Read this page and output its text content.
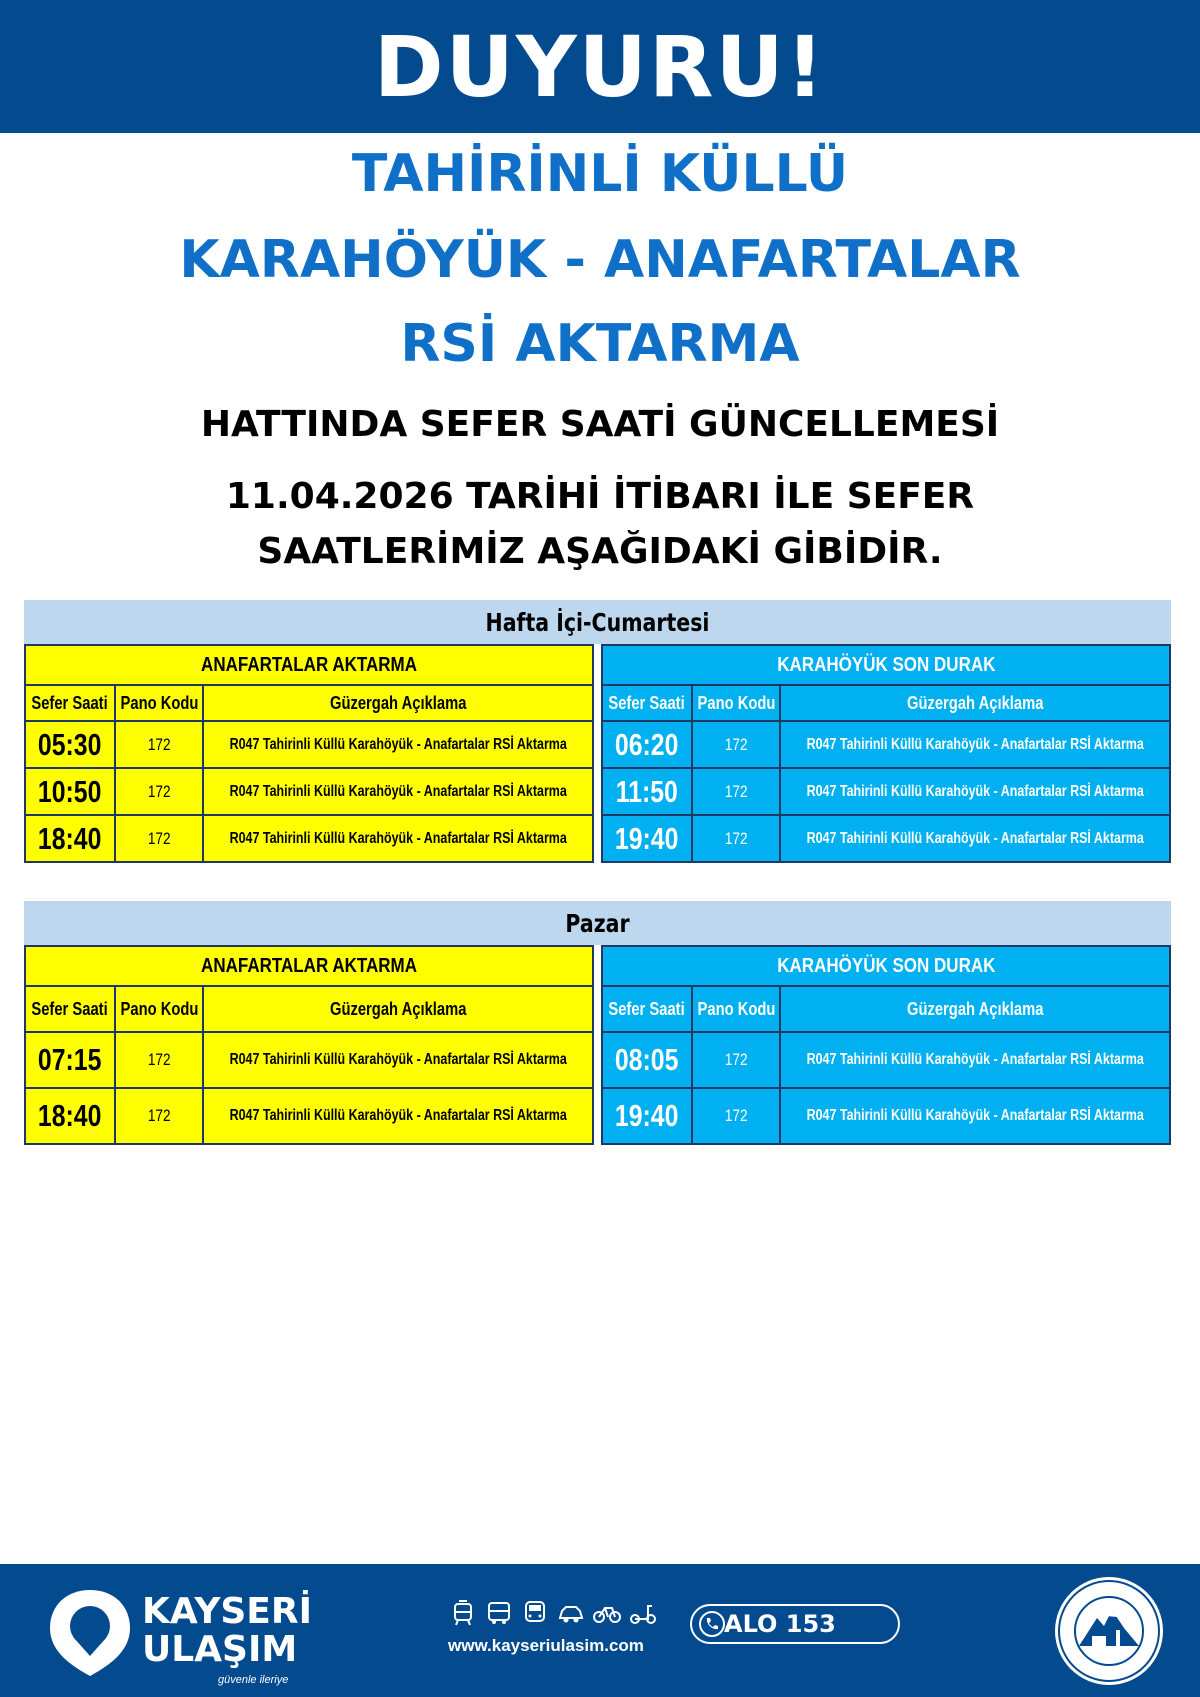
DUYURU!
TAHİRİNLİ KÜLLÜ
KARAHÖYÜK - ANAFARTALAR
RSİ AKTARMA
HATTINDA SEFER SAATİ GÜNCELLEMESİ
11.04.2026 TARİHİ İTİBARI İLE SEFER
SAATLERİMİZ AŞAĞIDAKİ GİBİDİR.
Hafta İçi-Cumartesi
ANAFARTALAR AKTARMA
Sefer Saati Pano Kodu	Güzergah Açıklama
05:30	172	R047 Tahirinli Küllü Karahöyük - Anafartalar RSİ Aktarma
10:50	172	R047 Tahirinli Küllü Karahöyük - Anafartalar RSİ Aktarma
18:40	172	R047 Tahirinli Küllü Karahöyük - Anafartalar RSİ Aktarma
KARAHÖYÜK SON DURAK
Sefer Saati Pano Kodu	Güzergah Açıklama
06:20	172	R047 Tahirinli Küllü Karahöyük - Anafartalar RSİ Aktarma
11:50	172	R047 Tahirinli Küllü Karahöyük - Anafartalar RSİ Aktarma
19:40	172	R047 Tahirinli Küllü Karahöyük - Anafartalar RSİ Aktarma
Pazar
ANAFARTALAR AKTARMA
Sefer Saati Pano Kodu	Güzergah Açıklama
07:15	172	R047 Tahirinli Küllü Karahöyük - Anafartalar RSİ Aktarma
18:40	172	R047 Tahirinli Küllü Karahöyük - Anafartalar RSİ Aktarma
KARAHÖYÜK SON DURAK
Sefer Saati Pano Kodu	Güzergah Açıklama
08:05	172	R047 Tahirinli Küllü Karahöyük - Anafartalar RSİ Aktarma
19:40	172	R047 Tahirinli Küllü Karahöyük - Anafartalar RSİ Aktarma
KAYSERİ
ULAŞIM
güvenle ileriye
www.kayseriulasim.com
ALO 153
